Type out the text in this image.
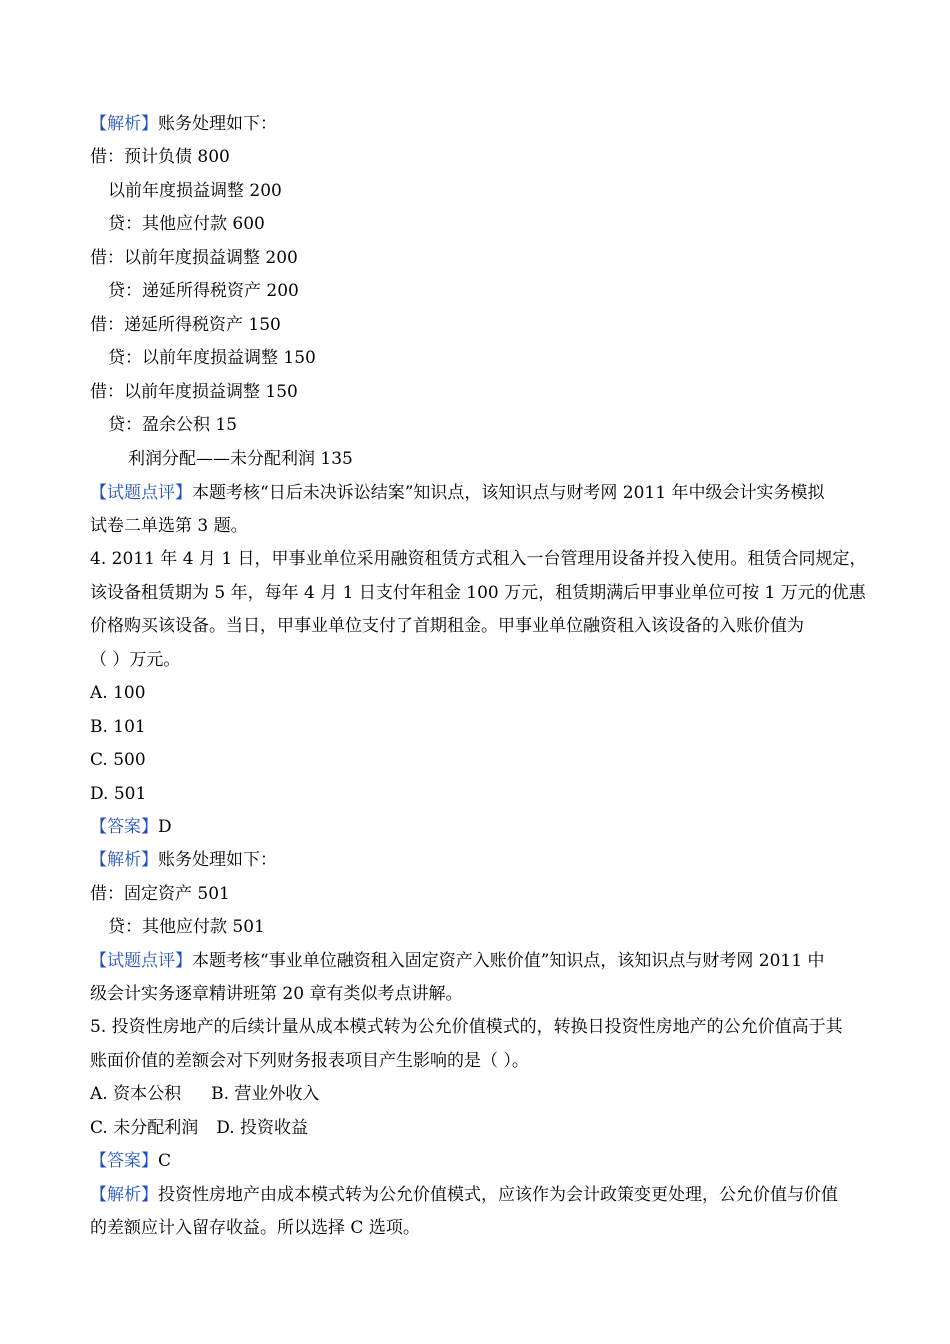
【解析】账务处理如下：
借：预计负债 800
以前年度损益调整 200
贷：其他应付款 600
借：以前年度损益调整 200
贷：递延所得税资产 200
借：递延所得税资产 150
贷：以前年度损益调整 150
借：以前年度损益调整 150
贷：盈余公积 15
利润分配——未分配利润 135
【试题点评】本题考核“日后未决诉讼结案”知识点，该知识点与财考网 2011 年中级会计实务模拟
试卷二单选第 3 题。
4. 2011 年 4 月 1 日，甲事业单位采用融资租赁方式租入一台管理用设备并投入使用。租赁合同规定，
该设备租赁期为 5 年，每年 4 月 1 日支付年租金 100 万元，租赁期满后甲事业单位可按 1 万元的优惠
价格购买该设备。当日，甲事业单位支付了首期租金。甲事业单位融资租入该设备的入账价值为
（ ）万元。
A. 100
B. 101
C. 500
D. 501
【答案】D
【解析】账务处理如下：
借：固定资产 501
贷：其他应付款 501
【试题点评】本题考核“事业单位融资租入固定资产入账价值”知识点，该知识点与财考网 2011 中
级会计实务逐章精讲班第 20 章有类似考点讲解。
5. 投资性房地产的后续计量从成本模式转为公允价值模式的，转换日投资性房地产的公允价值高于其
账面价值的差额会对下列财务报表项目产生影响的是（ ）。
A. 资本公积 B. 营业外收入
C. 未分配利润 D. 投资收益
【答案】C
【解析】投资性房地产由成本模式转为公允价值模式，应该作为会计政策变更处理，公允价值与价值
的差额应计入留存收益。所以选择 C 选项。
